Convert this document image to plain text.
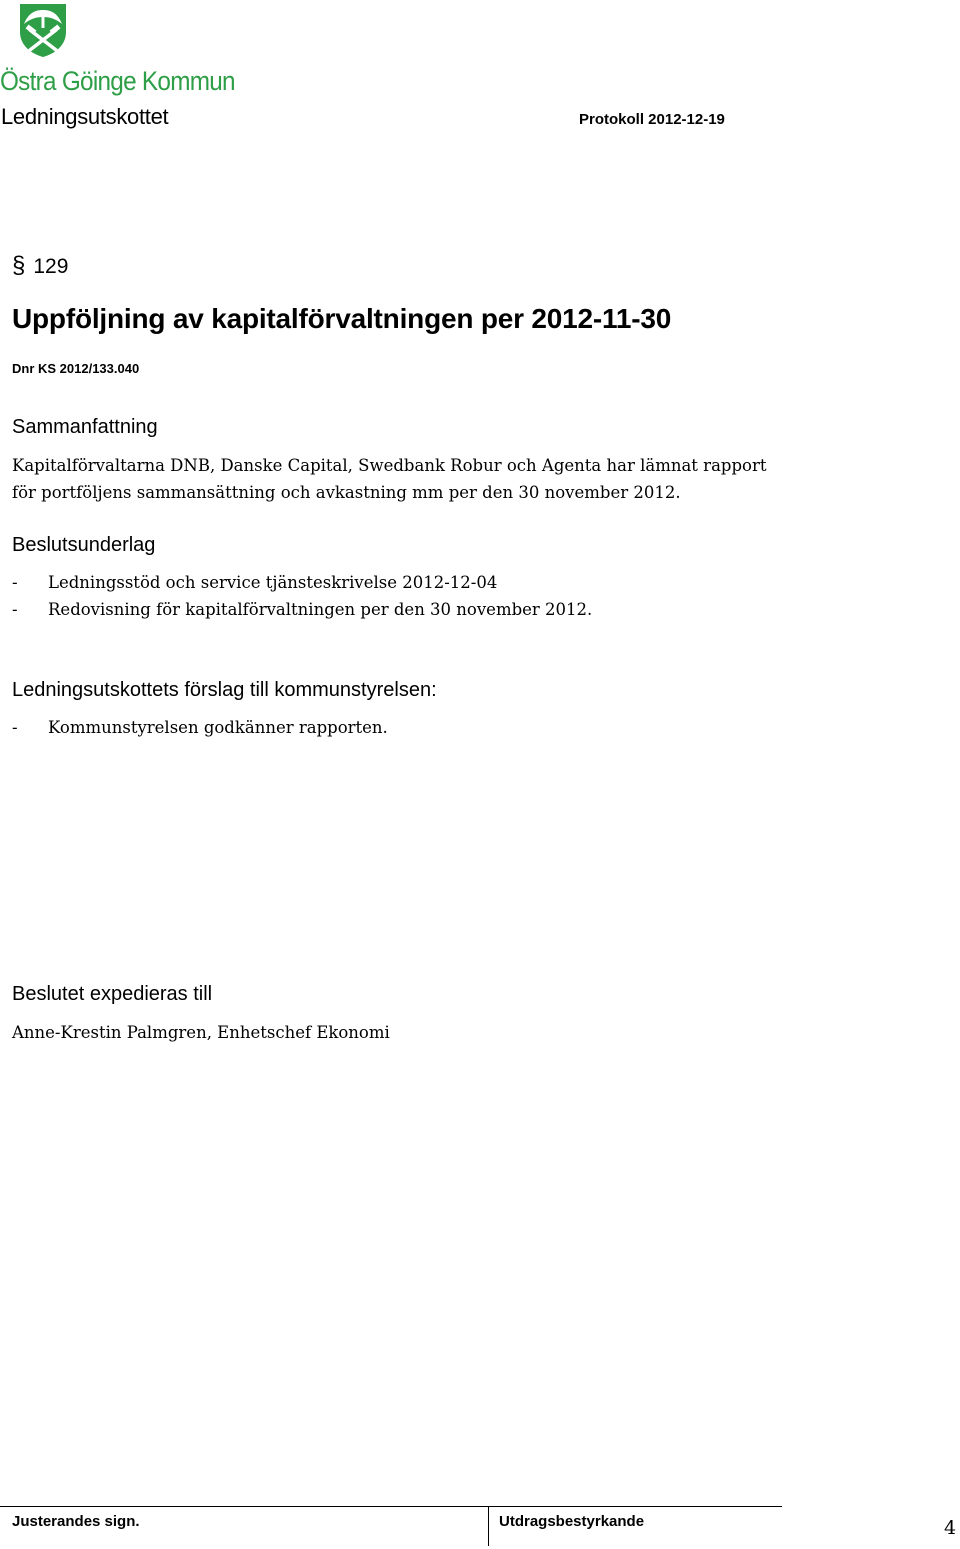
Östra Göinge Kommun
Ledningsutskottet	Protokoll 2012-12-19
§ 129
Uppföljning av kapitalförvaltningen per 2012-11-30
Dnr KS 2012/133.040
Sammanfattning
Kapitalförvaltarna DNB, Danske Capital, Swedbank Robur och Agenta har lämnat rapport
för portföljens sammansättning och avkastning mm per den 30 november 2012.
Beslutsunderlag
-	Ledningsstöd och service tjänsteskrivelse 2012-12-04
-	Redovisning för kapitalförvaltningen per den 30 november 2012.
Ledningsutskottets förslag till kommunstyrelsen:
-	Kommunstyrelsen godkänner rapporten.
Beslutet expedieras till
Anne-Krestin Palmgren, Enhetschef Ekonomi
Justerandes sign.	Utdragsbestyrkande	4
